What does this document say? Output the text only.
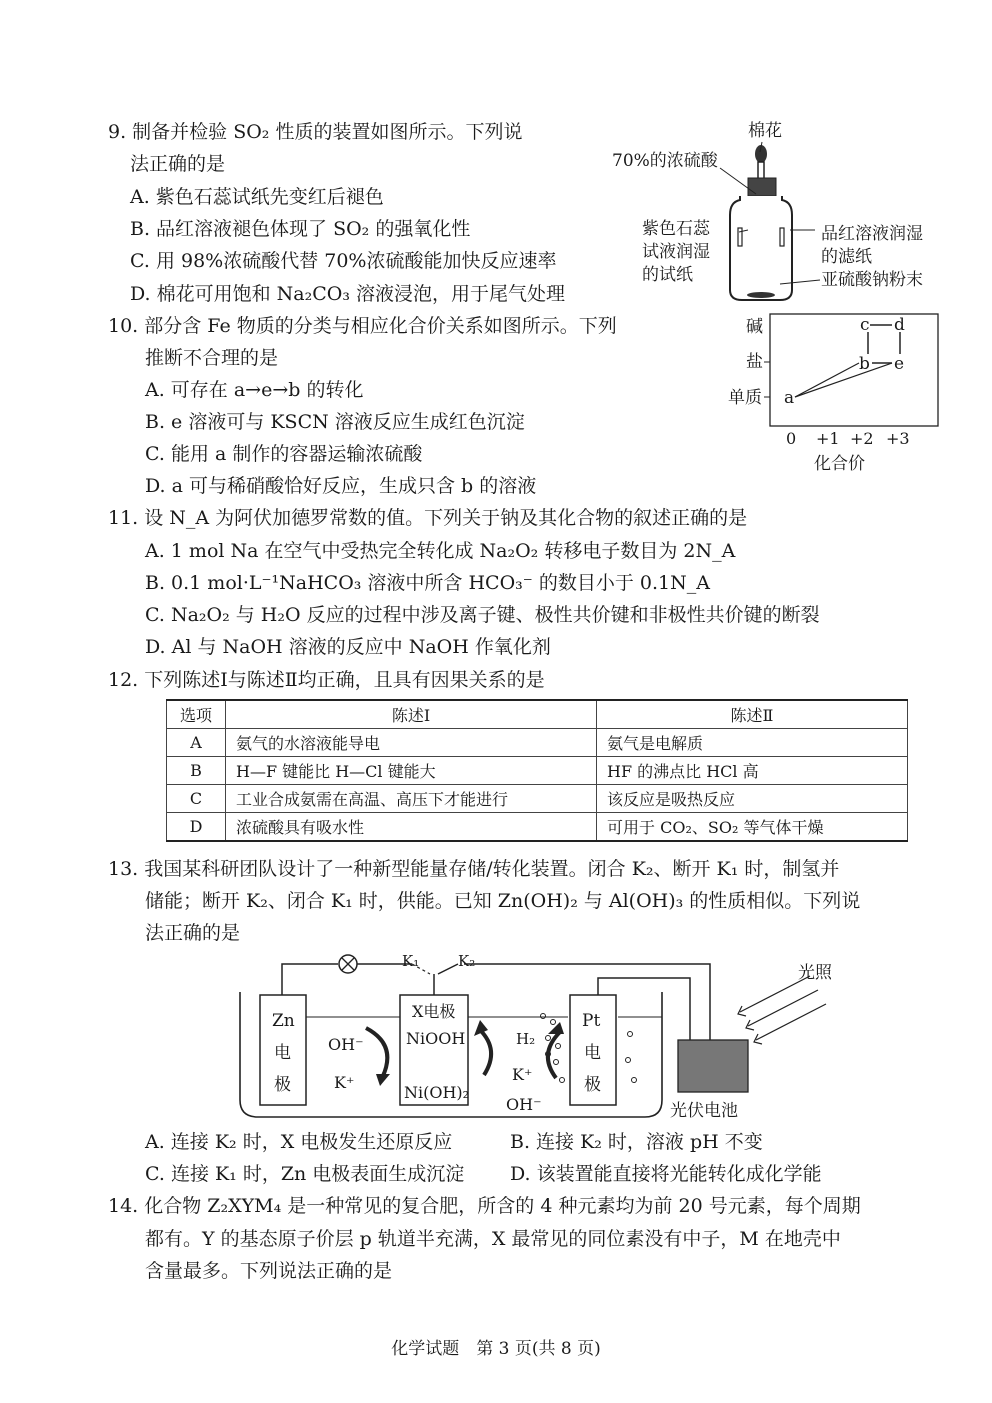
9. 制备并检验 SO₂ 性质的装置如图所示。下列说
法正确的是
A. 紫色石蕊试纸先变红后褪色
B. 品红溶液褪色体现了 SO₂ 的强氧化性
C. 用 98%浓硫酸代替 70%浓硫酸能加快反应速率
D. 棉花可用饱和 Na₂CO₃ 溶液浸泡，用于尾气处理
棉花
70%的浓硫酸
紫色石蕊
试液润湿
的试纸
品红溶液润湿
的滤纸
亚硫酸钠粉末
10. 部分含 Fe 物质的分类与相应化合价关系如图所示。下列
推断不合理的是
A. 可存在 a→e→b 的转化
B. e 溶液可与 KSCN 溶液反应生成红色沉淀
C. 能用 a 制作的容器运输浓硫酸
D. a 可与稀硝酸恰好反应，生成只含 b 的溶液
碱
盐
单质
0 +1 +2 +3
化合价
a
b
c d
e
11. 设 N_A 为阿伏加德罗常数的值。下列关于钠及其化合物的叙述正确的是
A. 1 mol Na 在空气中受热完全转化成 Na₂O₂ 转移电子数目为 2N_A
B. 0.1 mol·L⁻¹NaHCO₃ 溶液中所含 HCO₃⁻ 的数目小于 0.1N_A
C. Na₂O₂ 与 H₂O 反应的过程中涉及离子键、极性共价键和非极性共价键的断裂
D. Al 与 NaOH 溶液的反应中 NaOH 作氧化剂
12. 下列陈述Ⅰ与陈述Ⅱ均正确，且具有因果关系的是
选项	陈述Ⅰ	陈述Ⅱ
A	氨气的水溶液能导电	氨气是电解质
B	H—F 键能比 H—Cl 键能大	HF 的沸点比 HCl 高
C	工业合成氨需在高温、高压下才能进行	该反应是吸热反应
D	浓硫酸具有吸水性	可用于 CO₂、SO₂ 等气体干燥
13. 我国某科研团队设计了一种新型能量存储/转化装置。闭合 K₂、断开 K₁ 时，制氢并
储能；断开 K₂、闭合 K₁ 时，供能。已知 Zn(OH)₂ 与 Al(OH)₃ 的性质相似。下列说
法正确的是
Zn
电
极
OH⁻
K⁺
X电极
NiOOH
Ni(OH)₂
H₂
K⁺
OH⁻
Pt
电
极
K₁	K₂
光照
光伏电池
A. 连接 K₂ 时，X 电极发生还原反应	B. 连接 K₂ 时，溶液 pH 不变
C. 连接 K₁ 时，Zn 电极表面生成沉淀 D. 该装置能直接将光能转化成化学能
14. 化合物 Z₂XYM₄ 是一种常见的复合肥，所含的 4 种元素均为前 20 号元素，每个周期
都有。Y 的基态原子价层 p 轨道半充满，X 最常见的同位素没有中子，M 在地壳中
含量最多。下列说法正确的是
化学试题　第 3 页(共 8 页)
